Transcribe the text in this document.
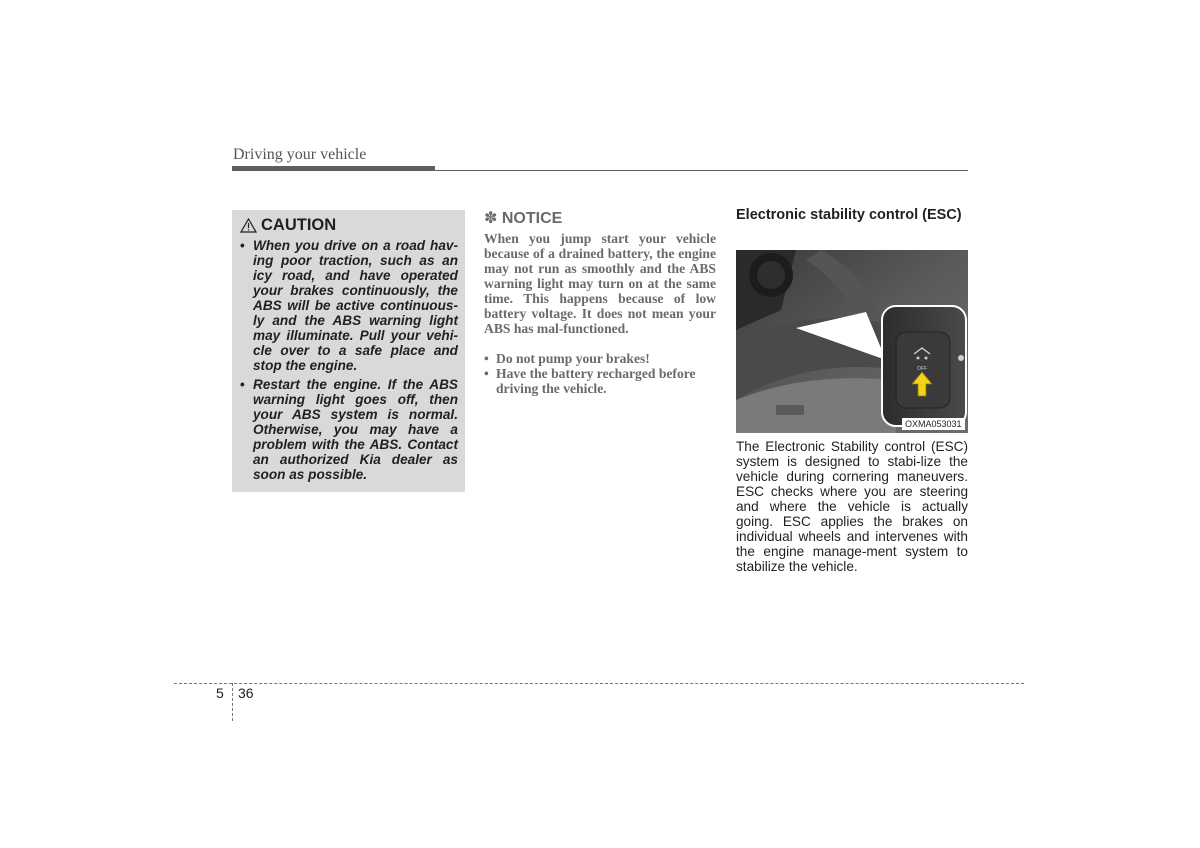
Driving your vehicle
CAUTION
• When you drive on a road hav-ing poor traction, such as an icy road, and have operated your brakes continuously, the ABS will be active continuous-ly and the ABS warning light may illuminate. Pull your vehi-cle over to a safe place and stop the engine.
• Restart the engine. If the ABS warning light goes off, then your ABS system is normal. Otherwise, you may have a problem with the ABS. Contact an authorized Kia dealer as soon as possible.
✽ NOTICE

When you jump start your vehicle because of a drained battery, the engine may not run as smoothly and the ABS warning light may turn on at the same time. This happens because of low battery voltage. It does not mean your ABS has mal-functioned.

• Do not pump your brakes!
• Have the battery recharged before driving the vehicle.
Electronic stability control (ESC)
OFF
OXMA053031

The Electronic Stability control (ESC) system is designed to stabi-lize the vehicle during cornering maneuvers. ESC checks where you are steering and where the vehicle is actually going. ESC applies the brakes on individual wheels and intervenes with the engine manage-ment system to stabilize the vehicle.

5 36
